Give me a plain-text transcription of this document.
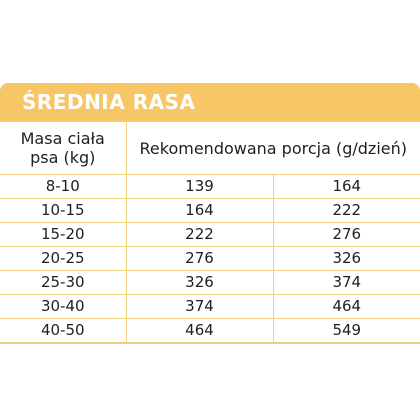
ŚREDNIA RASA
Masa ciała
psa (kg)	Rekomendowana porcja (g/dzień)	
8-10	139	164
10-15	164	222
15-20	222	276
20-25	276	326
25-30	326	374
30-40	374	464
40-50	464	549
